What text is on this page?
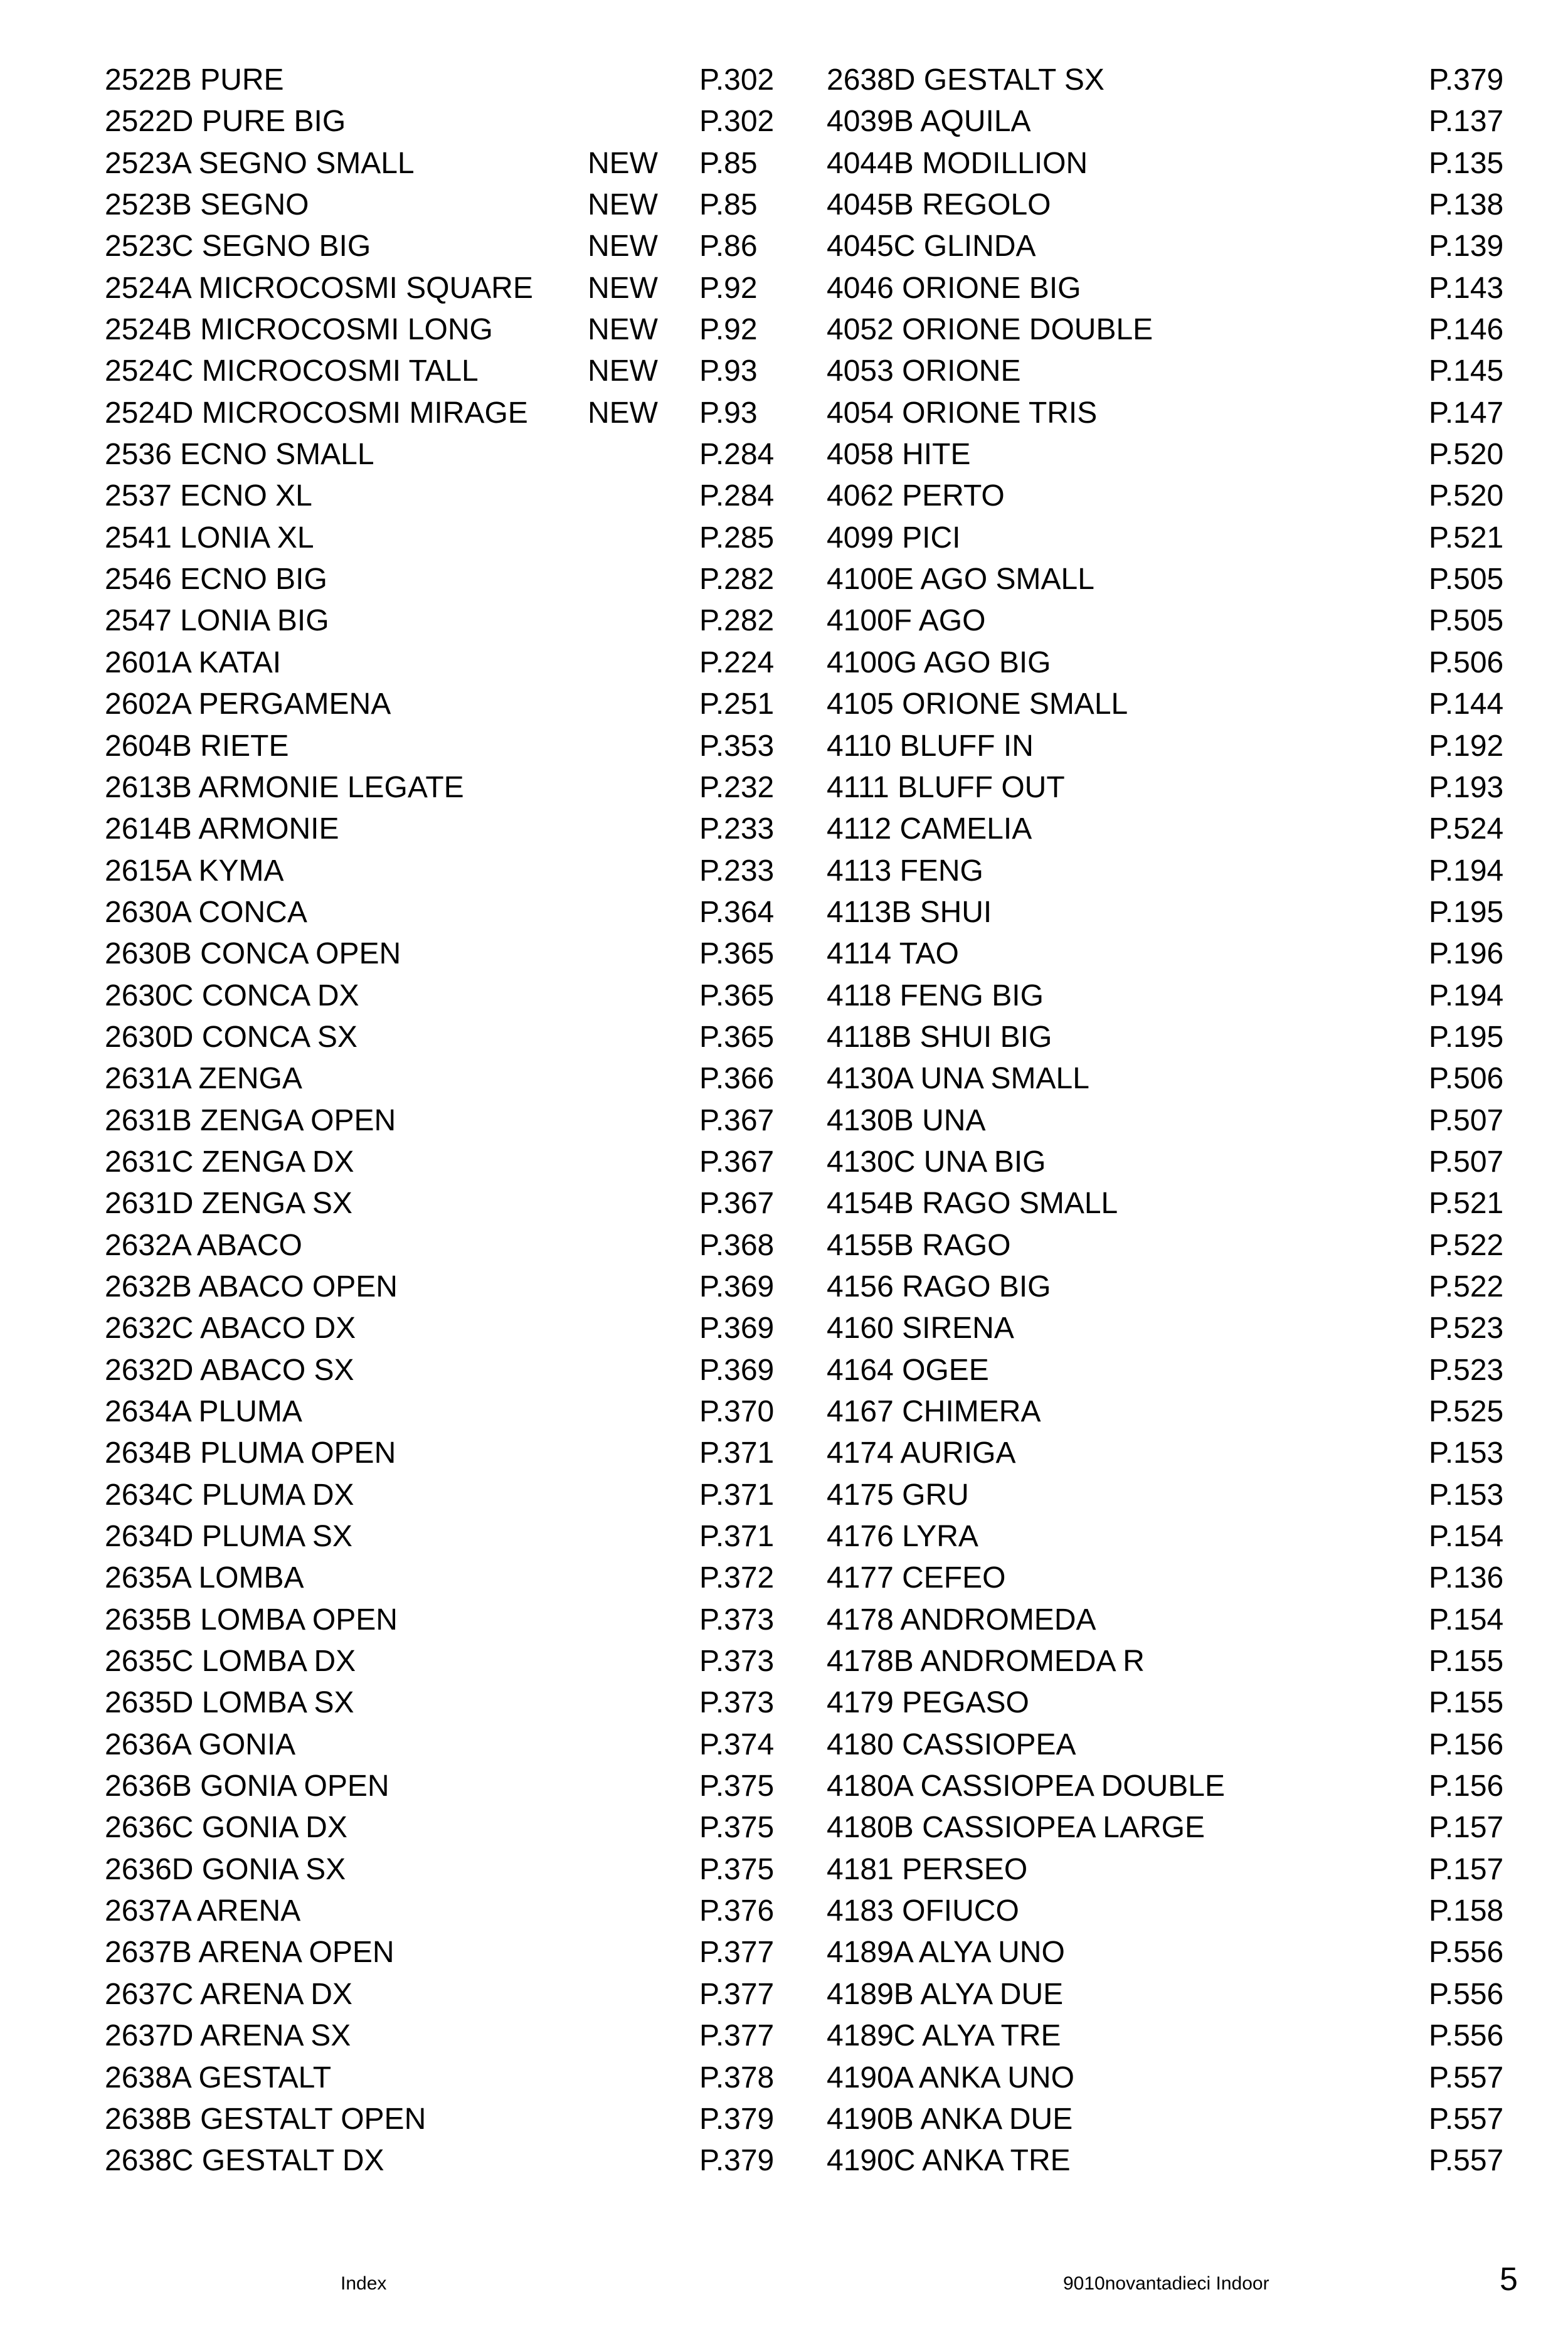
2522B PURE	P.302
2522D PURE BIG	P.302
2523A SEGNO SMALL	NEW P.85
2523B SEGNO	NEW P.85
2523C SEGNO BIG	NEW P.86
2524A MICROCOSMI SQUARE NEW P.92
2524B MICROCOSMI LONG	NEW P.92
2524C MICROCOSMI TALL	NEW P.93
2524D MICROCOSMI MIRAGE NEW P.93
2536 ECNO SMALL	P.284
2537 ECNO XL	P.284
2541 LONIA XL	P.285
2546 ECNO BIG	P.282
2547 LONIA BIG	P.282
2601A KATAI	P.224
2602A PERGAMENA	P.251
2604B RIETE	P.353
2613B ARMONIE LEGATE	P.232
2614B ARMONIE	P.233
2615A KYMA	P.233
2630A CONCA	P.364
2630B CONCA OPEN	P.365
2630C CONCA DX	P.365
2630D CONCA SX	P.365
2631A ZENGA	P.366
2631B ZENGA OPEN	P.367
2631C ZENGA DX	P.367
2631D ZENGA SX	P.367
2632A ABACO	P.368
2632B ABACO OPEN	P.369
2632C ABACO DX	P.369
2632D ABACO SX	P.369
2634A PLUMA	P.370
2634B PLUMA OPEN	P.371
2634C PLUMA DX	P.371
2634D PLUMA SX	P.371
2635A LOMBA	P.372
2635B LOMBA OPEN	P.373
2635C LOMBA DX	P.373
2635D LOMBA SX	P.373
2636A GONIA	P.374
2636B GONIA OPEN	P.375
2636C GONIA DX	P.375
2636D GONIA SX	P.375
2637A ARENA	P.376
2637B ARENA OPEN	P.377
2637C ARENA DX	P.377
2637D ARENA SX	P.377
2638A GESTALT	P.378
2638B GESTALT OPEN	P.379
2638C GESTALT DX	P.379
2638D GESTALT SX	P.379
4039B AQUILA	P.137
4044B MODILLION	P.135
4045B REGOLO	P.138
4045C GLINDA	P.139
4046 ORIONE BIG	P.143
4052 ORIONE DOUBLE	P.146
4053 ORIONE	P.145
4054 ORIONE TRIS	P.147
4058 HITE	P.520
4062 PERTO	P.520
4099 PICI	P.521
4100E AGO SMALL	P.505
4100F AGO	P.505
4100G AGO BIG	P.506
4105 ORIONE SMALL	P.144
4110 BLUFF IN	P.192
4111 BLUFF OUT	P.193
4112 CAMELIA	P.524
4113 FENG	P.194
4113B SHUI	P.195
4114 TAO	P.196
4118 FENG BIG	P.194
4118B SHUI BIG	P.195
4130A UNA SMALL	P.506
4130B UNA	P.507
4130C UNA BIG	P.507
4154B RAGO SMALL	P.521
4155B RAGO	P.522
4156 RAGO BIG	P.522
4160 SIRENA	P.523
4164 OGEE	P.523
4167 CHIMERA	P.525
4174 AURIGA	P.153
4175 GRU	P.153
4176 LYRA	P.154
4177 CEFEO	P.136
4178 ANDROMEDA	P.154
4178B ANDROMEDA R	P.155
4179 PEGASO	P.155
4180 CASSIOPEA	P.156
4180A CASSIOPEA DOUBLE	P.156
4180B CASSIOPEA LARGE	P.157
4181 PERSEO	P.157
4183 OFIUCO	P.158
4189A ALYA UNO	P.556
4189B ALYA DUE	P.556
4189C ALYA TRE	P.556
4190A ANKA UNO	P.557
4190B ANKA DUE	P.557
4190C ANKA TRE	P.557
Index	9010novantadieci Indoor	5
